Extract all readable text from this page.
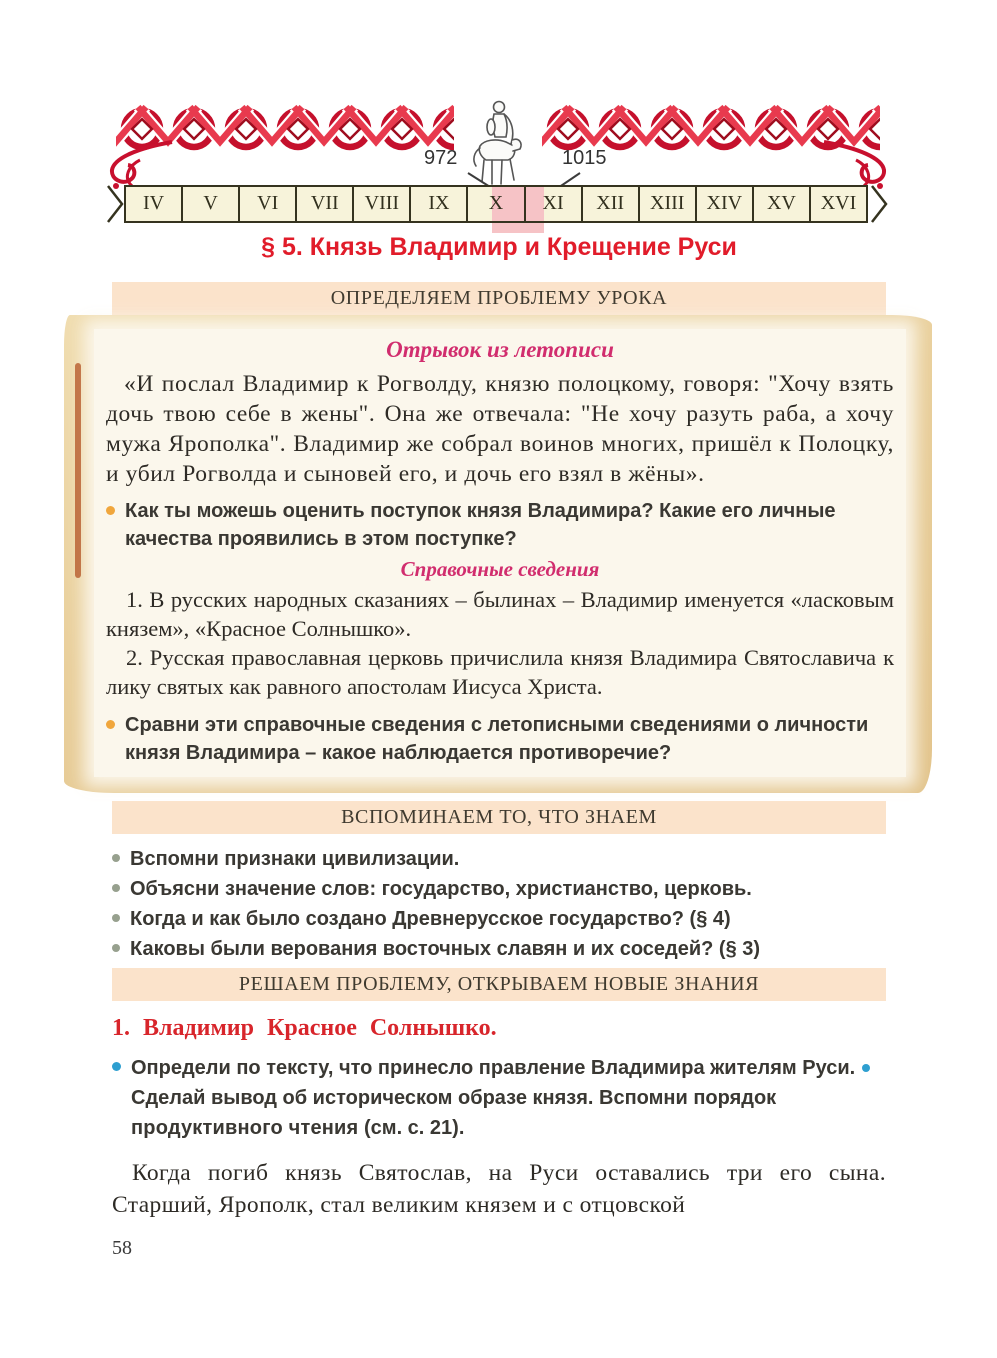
972	1015
IV	V	VI	VII	VIII	IX	X	XI	XII	XIII	XIV	XV	XVI
§ 5. Князь Владимир и Крещение Руси
ОПРЕДЕЛЯЕМ ПРОБЛЕМУ УРОКА
Отрывок из летописи

«И послал Владимир к Рогволду, князю полоцкому, говоря: "Хочу взять дочь твою себе в жены". Она же отвечала: "Не хочу разуть раба, а хочу мужа Ярополка". Владимир же собрал воинов многих, пришёл к Полоцку, и убил Рогволда и сыновей его, и дочь его взял в жёны».

Как ты можешь оценить поступок князя Владимира? Какие его личные качества проявились в этом поступке?
Справочные сведения

1. В русских народных сказаниях – былинах – Владимир именуется «ласковым князем», «Красное Солнышко».

2. Русская православная церковь причислила князя Владимира Святославича к лику святых как равного апостолам Иисуса Христа.

Сравни эти справочные сведения с летописными сведениями о личности князя Владимира – какое наблюдается противоречие?
ВСПОМИНАЕМ ТО, ЧТО ЗНАЕМ
Вспомни признаки цивилизации.
Объясни значение слов: государство, христианство, церковь.
Когда и как было создано Древнерусское государство? (§ 4)
Каковы были верования восточных славян и их соседей? (§ 3)
РЕШАЕМ ПРОБЛЕМУ, ОТКРЫВАЕМ НОВЫЕ ЗНАНИЯ
1. Владимир Красное Солнышко.
Определи по тексту, что принесло правление Владимира жителям Руси.Сделай вывод об историческом образе князя. Вспомни порядок продуктивного чтения (см. с. 21).

Когда погиб князь Святослав, на Руси оставались три его сына. Старший, Ярополк, стал великим князем и с отцовской

58
